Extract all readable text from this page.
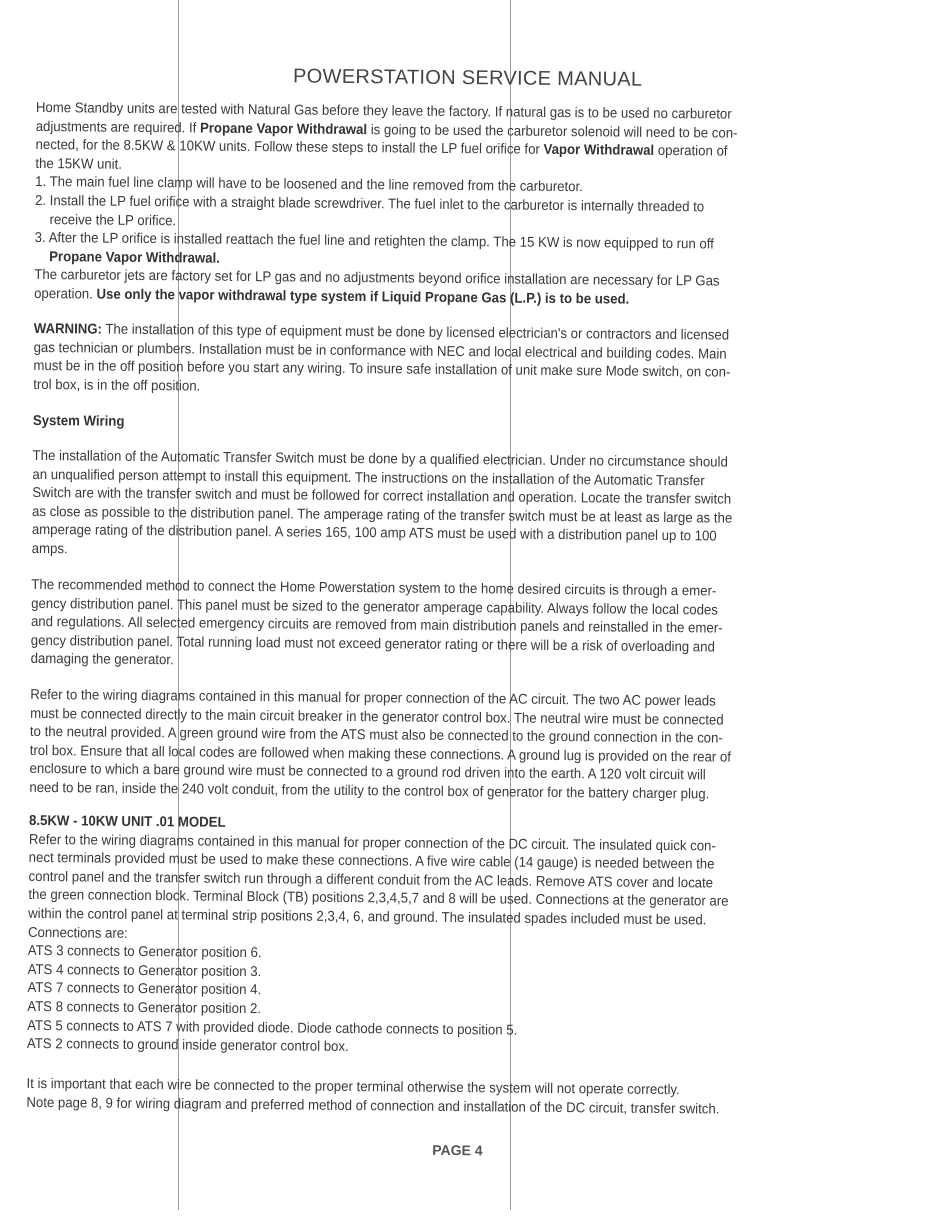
POWERSTATION SERVICE MANUAL
Home Standby units are tested with Natural Gas before they leave the factory. If natural gas is to be used no carburetor
adjustments are required. If Propane Vapor Withdrawal is going to be used the carburetor solenoid will need to be con-
nected, for the 8.5KW & 10KW units. Follow these steps to install the LP fuel orifice for Vapor Withdrawal operation of
the 15KW unit.
1. The main fuel line clamp will have to be loosened and the line removed from the carburetor.
2. Install the LP fuel orifice with a straight blade screwdriver. The fuel inlet to the carburetor is internally threaded to
receive the LP orifice.
3. After the LP orifice is installed reattach the fuel line and retighten the clamp. The 15 KW is now equipped to run off
Propane Vapor Withdrawal.
The carburetor jets are factory set for LP gas and no adjustments beyond orifice installation are necessary for LP Gas
operation. Use only the vapor withdrawal type system if Liquid Propane Gas (L.P.) is to be used.
WARNING: The installation of this type of equipment must be done by licensed electrician's or contractors and licensed
gas technician or plumbers. Installation must be in conformance with NEC and local electrical and building codes. Main
must be in the off position before you start any wiring. To insure safe installation of unit make sure Mode switch, on con-
trol box, is in the off position.
System Wiring
The installation of the Automatic Transfer Switch must be done by a qualified electrician. Under no circumstance should
an unqualified person attempt to install this equipment. The instructions on the installation of the Automatic Transfer
Switch are with the transfer switch and must be followed for correct installation and operation. Locate the transfer switch
as close as possible to the distribution panel. The amperage rating of the transfer switch must be at least as large as the
amperage rating of the distribution panel. A series 165, 100 amp ATS must be used with a distribution panel up to 100
amps.
The recommended method to connect the Home Powerstation system to the home desired circuits is through a emer-
gency distribution panel. This panel must be sized to the generator amperage capability. Always follow the local codes
and regulations. All selected emergency circuits are removed from main distribution panels and reinstalled in the emer-
gency distribution panel. Total running load must not exceed generator rating or there will be a risk of overloading and
damaging the generator.
Refer to the wiring diagrams contained in this manual for proper connection of the AC circuit. The two AC power leads
must be connected directly to the main circuit breaker in the generator control box. The neutral wire must be connected
to the neutral provided. A green ground wire from the ATS must also be connected to the ground connection in the con-
trol box. Ensure that all local codes are followed when making these connections. A ground lug is provided on the rear of
enclosure to which a bare ground wire must be connected to a ground rod driven into the earth. A 120 volt circuit will
need to be ran, inside the 240 volt conduit, from the utility to the control box of generator for the battery charger plug.
8.5KW - 10KW UNIT .01 MODEL
Refer to the wiring diagrams contained in this manual for proper connection of the DC circuit. The insulated quick con-
nect terminals provided must be used to make these connections. A five wire cable (14 gauge) is needed between the
control panel and the transfer switch run through a different conduit from the AC leads. Remove ATS cover and locate
the green connection block. Terminal Block (TB) positions 2,3,4,5,7 and 8 will be used. Connections at the generator are
within the control panel at terminal strip positions 2,3,4, 6, and ground. The insulated spades included must be used.
Connections are:
ATS 3 connects to Generator position 6.
ATS 4 connects to Generator position 3.
ATS 7 connects to Generator position 4.
ATS 8 connects to Generator position 2.
ATS 5 connects to ATS 7 with provided diode. Diode cathode connects to position 5.
ATS 2 connects to ground inside generator control box.
It is important that each wire be connected to the proper terminal otherwise the system will not operate correctly.
Note page 8, 9 for wiring diagram and preferred method of connection and installation of the DC circuit, transfer switch.
PAGE 4
